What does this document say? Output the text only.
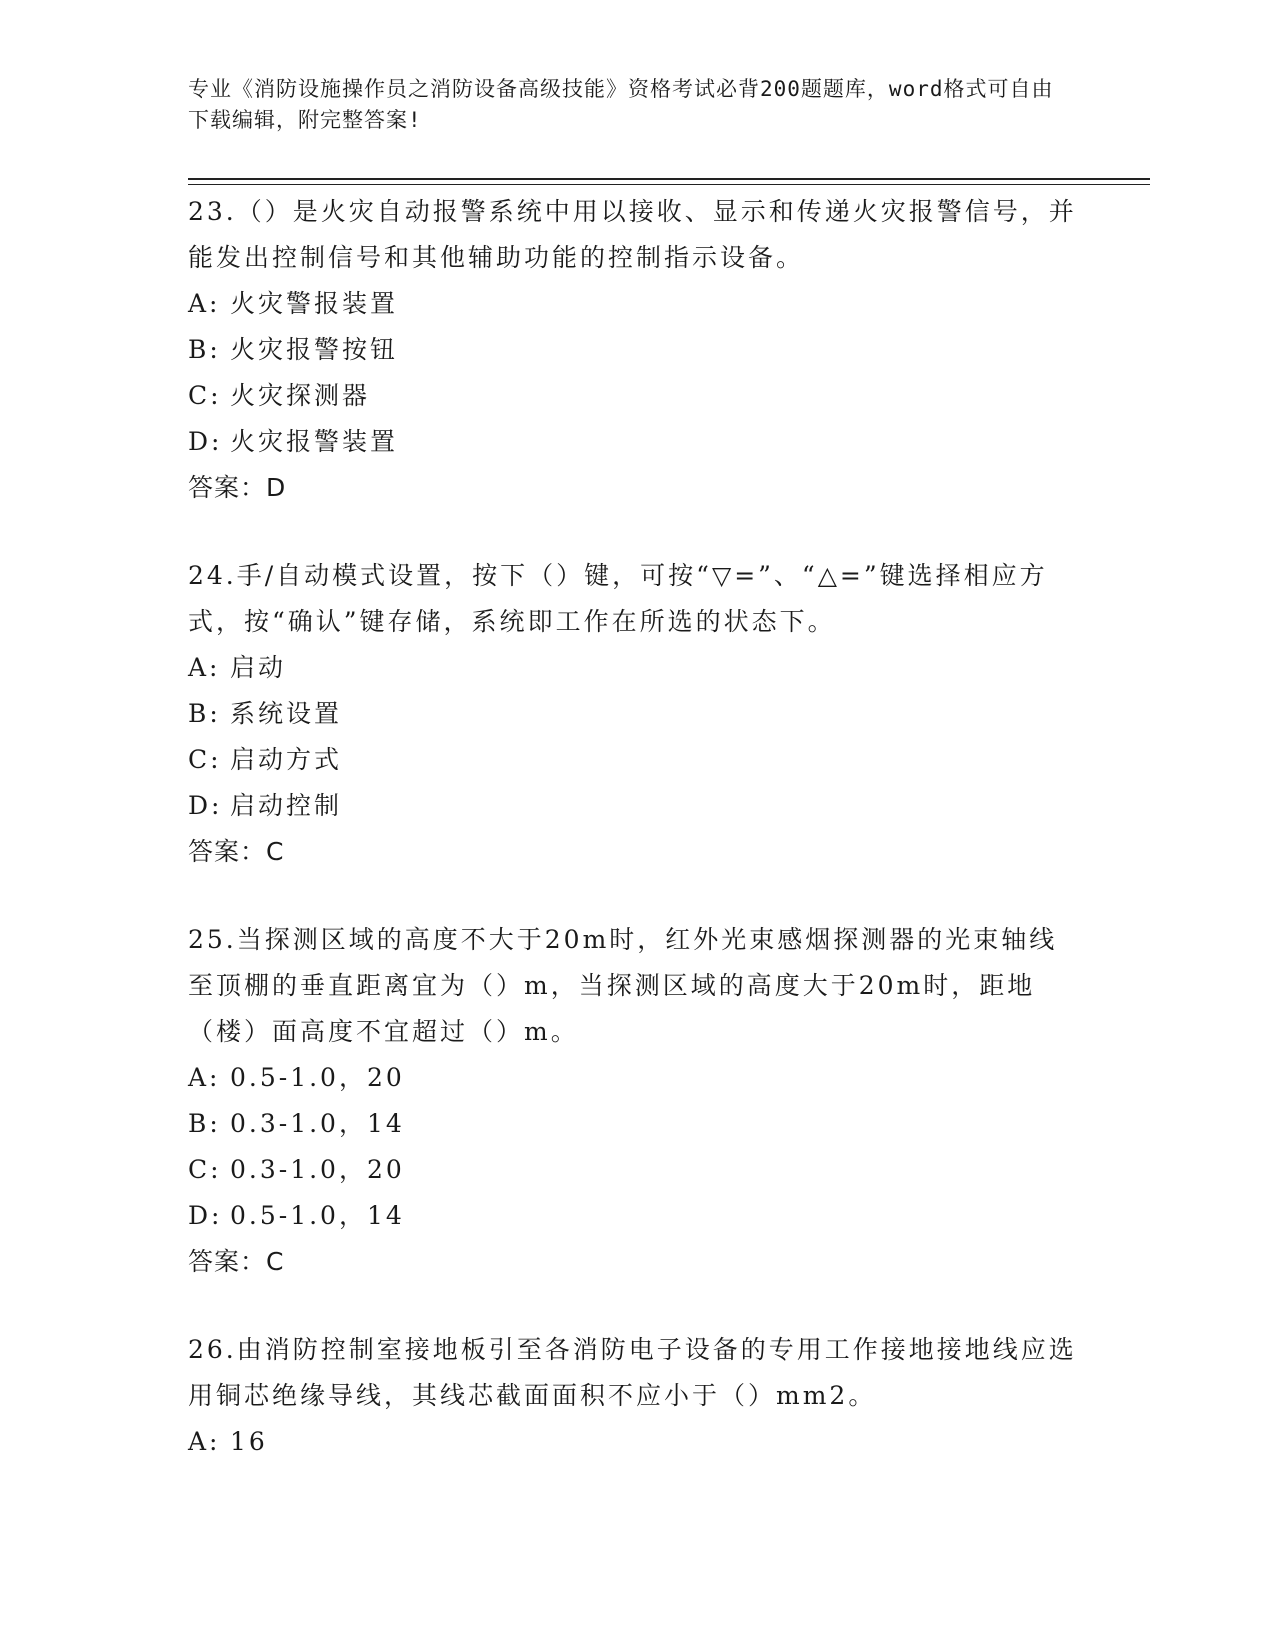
专业《消防设施操作员之消防设备高级技能》资格考试必背200题题库，word格式可自由下载编辑，附完整答案!

23.（）是火灾自动报警系统中用以接收、显示和传递火灾报警信号，并能发出控制信号和其他辅助功能的控制指示设备。

A: 火灾警报装置
B: 火灾报警按钮
C: 火灾探测器
D: 火灾报警装置

答案：D

24.手/自动模式设置，按下（）键，可按“▽=”、“△=”键选择相应方式，按“确认”键存储，系统即工作在所选的状态下。

A: 启动
B: 系统设置
C: 启动方式
D: 启动控制

答案：C

25.当探测区域的高度不大于20m时，红外光束感烟探测器的光束轴线至顶棚的垂直距离宜为（）m，当探测区域的高度大于20m时，距地（楼）面高度不宜超过（）m。

A: 0.5-1.0，20
B: 0.3-1.0，14
C: 0.3-1.0，20
D: 0.5-1.0，14

答案：C

26.由消防控制室接地板引至各消防电子设备的专用工作接地接地线应选用铜芯绝缘导线，其线芯截面面积不应小于（）mm2。

A: 16
